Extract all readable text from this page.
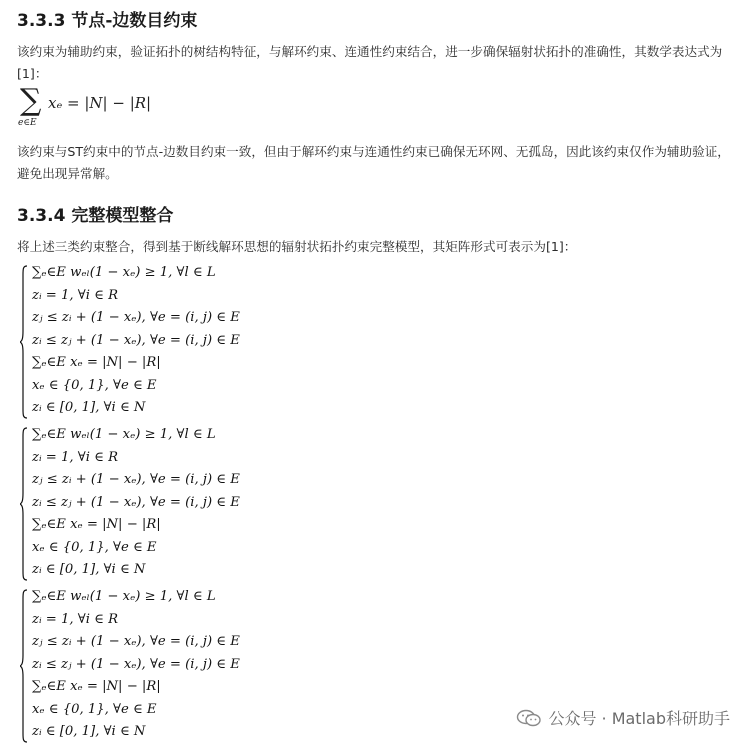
3.3.3 节点-边数目约束

该约束为辅助约束，验证拓扑的树结构特征，与解环约束、连通性约束结合，进一步确保辐射状拓扑的准确性，其数学表达式为[1]：

∑
e∈E
xₑ = |N| − |R|

该约束与ST约束中的节点-边数目约束一致，但由于解环约束与连通性约束已确保无环网、无孤岛，因此该约束仅作为辅助验证，避免出现异常解。

3.3.4 完整模型整合

将上述三类约束整合，得到基于断线解环思想的辐射状拓扑约束完整模型，其矩阵形式可表示为[1]：

∑ₑ∈E wₑₗ(1 − xₑ) ≥ 1, ∀l ∈ L
zᵢ = 1, ∀i ∈ R
zⱼ ≤ zᵢ + (1 − xₑ), ∀e = (i, j) ∈ E
zᵢ ≤ zⱼ + (1 − xₑ), ∀e = (i, j) ∈ E
∑ₑ∈E xₑ = |N| − |R|
xₑ ∈ {0, 1}, ∀e ∈ E
zᵢ ∈ [0, 1], ∀i ∈ N
∑ₑ∈E wₑₗ(1 − xₑ) ≥ 1, ∀l ∈ L
zᵢ = 1, ∀i ∈ R
zⱼ ≤ zᵢ + (1 − xₑ), ∀e = (i, j) ∈ E
zᵢ ≤ zⱼ + (1 − xₑ), ∀e = (i, j) ∈ E
∑ₑ∈E xₑ = |N| − |R|
xₑ ∈ {0, 1}, ∀e ∈ E
zᵢ ∈ [0, 1], ∀i ∈ N
∑ₑ∈E wₑₗ(1 − xₑ) ≥ 1, ∀l ∈ L
zᵢ = 1, ∀i ∈ R
zⱼ ≤ zᵢ + (1 − xₑ), ∀e = (i, j) ∈ E
zᵢ ≤ zⱼ + (1 − xₑ), ∀e = (i, j) ∈ E
∑ₑ∈E xₑ = |N| − |R|
xₑ ∈ {0, 1}, ∀e ∈ E
zᵢ ∈ [0, 1], ∀i ∈ N
公众号 · Matlab科研助手
